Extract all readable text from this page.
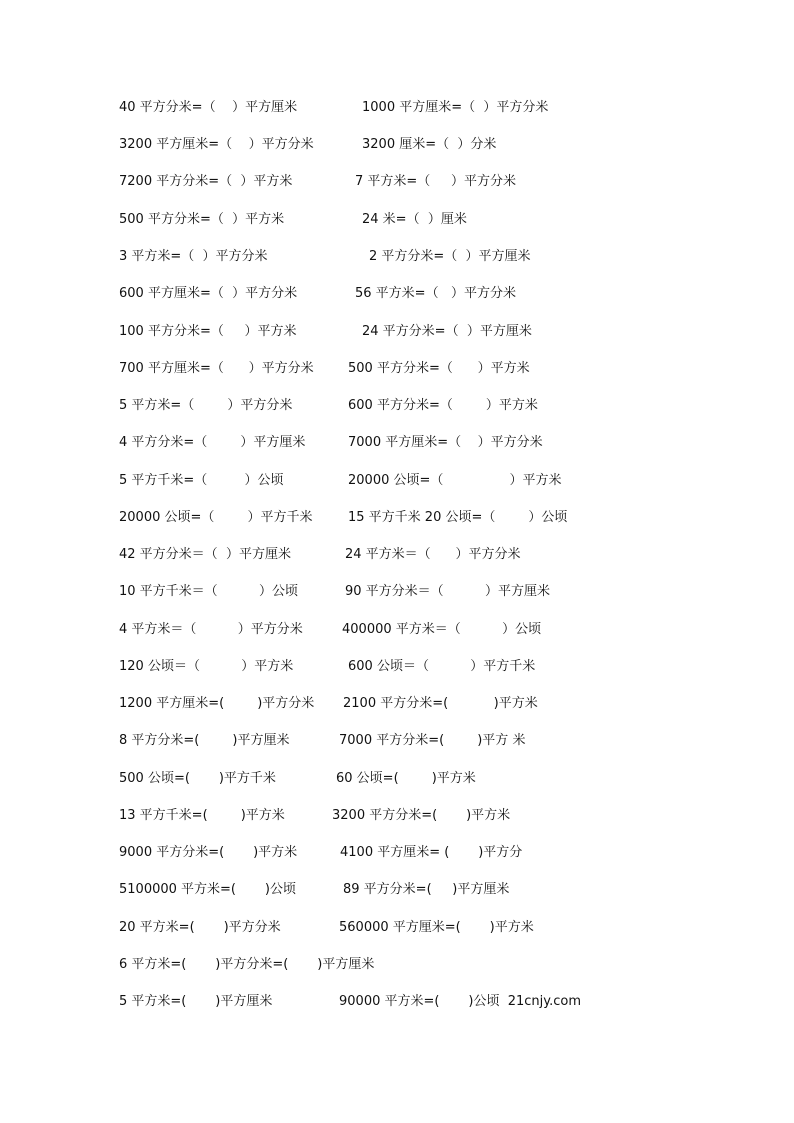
40 平方分米=（    ）平方厘米	1000 平方厘米=（  ）平方分米
3200 平方厘米=（    ）平方分米	3200 厘米=（  ）分米
7200 平方分米=（  ）平方米	7 平方米=（     ）平方分米
500 平方分米=（  ）平方米	24 米=（  ）厘米
3 平方米=（  ）平方分米	2 平方分米=（  ）平方厘米
600 平方厘米=（  ）平方分米	56 平方米=（   ）平方分米
100 平方分米=（     ）平方米	24 平方分米=（  ）平方厘米
700 平方厘米=（      ）平方分米	500 平方分米=（      ）平方米
5 平方米=（        ）平方分米	600 平方分米=（        ）平方米
4 平方分米=（        ）平方厘米	7000 平方厘米=（    ）平方分米
5 平方千米=（         ）公顷	20000 公顷=（                ）平方米
20000 公顷=（        ）平方千米	15 平方千米 20 公顷=（        ）公顷
42 平方分米＝（  ）平方厘米	24 平方米＝（      ）平方分米
10 平方千米＝（          ）公顷	90 平方分米＝（          ）平方厘米
4 平方米＝（          ）平方分米	400000 平方米＝（          ）公顷
120 公顷＝（          ）平方米	600 公顷＝（          ）平方千米
1200 平方厘米=(        )平方分米 2100 平方分米=(           )平方米
8 平方分米=(        )平方厘米	7000 平方分米=(        )平方 米
500 公顷=(       )平方千米	60 公顷=(        )平方米
13 平方千米=(        )平方米	3200 平方分米=(       )平方米
9000 平方分米=(       )平方米	4100 平方厘米= (       )平方分
5100000 平方米=(       )公顷	89 平方分米=(     )平方厘米
20 平方米=(       )平方分米	560000 平方厘米=(       )平方米
6 平方米=(       )平方分米=(       )平方厘米
5 平方米=(       )平方厘米	90000 平方米=(       )公顷  21cnjy.com
